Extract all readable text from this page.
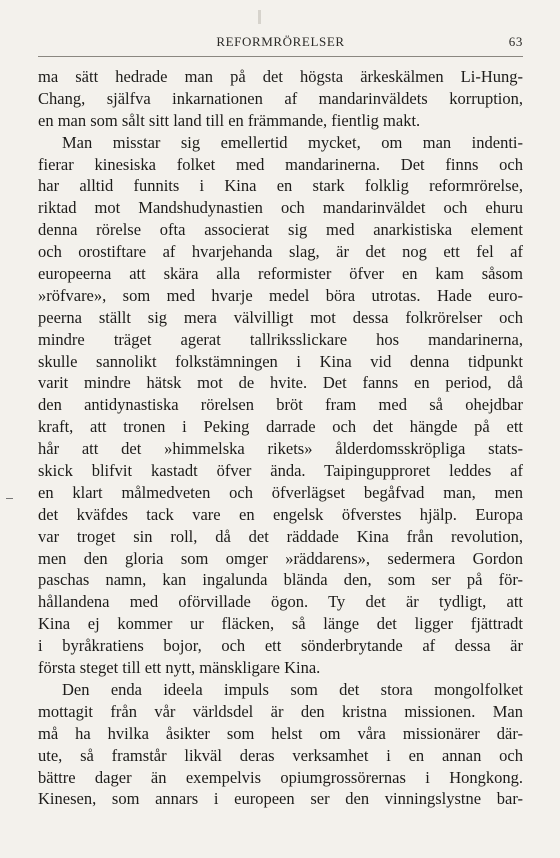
REFORMRÖRELSER	63
ma sätt hedrade man på det högsta ärkeskälmen Li-Hung-
Chang, själfva inkarnationen af mandarinväldets korruption,
en man som sålt sitt land till en främmande, fientlig makt.
Man misstar sig emellertid mycket, om man indenti-
fierar kinesiska folket med mandarinerna. Det finns och
har alltid funnits i Kina en stark folklig reformrörelse,
riktad mot Mandshudynastien och mandarinväldet och ehuru
denna rörelse ofta associerat sig med anarkistiska element
och orostiftare af hvarjehanda slag, är det nog ett fel af
europeerna att skära alla reformister öfver en kam såsom
»röfvare», som med hvarje medel böra utrotas. Hade euro-
peerna ställt sig mera välvilligt mot dessa folkrörelser och
mindre träget agerat tallriksslickare hos mandarinerna,
skulle sannolikt folkstämningen i Kina vid denna tidpunkt
varit mindre hätsk mot de hvite. Det fanns en period, då
den antidynastiska rörelsen bröt fram med så ohejdbar
kraft, att tronen i Peking darrade och det hängde på ett
hår att det »himmelska rikets» ålderdomsskröpliga stats-
skick blifvit kastadt öfver ända. Taipingupproret leddes af
en klart målmedveten och öfverlägset begåfvad man, men
det kväfdes tack vare en engelsk öfverstes hjälp. Europa
var troget sin roll, då det räddade Kina från revolution,
men den gloria som omger »räddarens», sedermera Gordon
paschas namn, kan ingalunda blända den, som ser på för-
hållandena med oförvillade ögon. Ty det är tydligt, att
Kina ej kommer ur fläcken, så länge det ligger fjättradt
i byråkratiens bojor, och ett sönderbrytande af dessa är
första steget till ett nytt, mänskligare Kina.
Den enda ideela impuls som det stora mongolfolket
mottagit från vår världsdel är den kristna missionen. Man
må ha hvilka åsikter som helst om våra missionärer där-
ute, så framstår likväl deras verksamhet i en annan och
bättre dager än exempelvis opiumgrossörernas i Hongkong.
Kinesen, som annars i europeen ser den vinningslystne bar-
